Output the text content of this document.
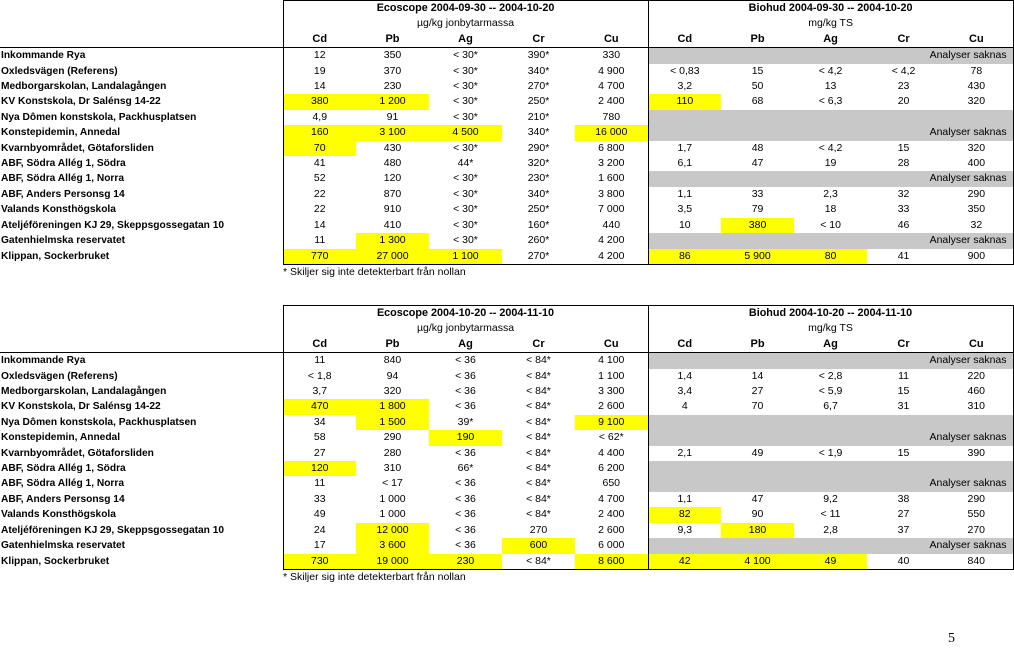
	Ecoscope 2004-09-30 -- 2004-10-20					Biohud 2004-09-30 -- 2004-10-20				
	µg/kg jonbytarmassa					mg/kg TS				
	Cd	Pb	Ag	Cr	Cu	Cd	Pb	Ag	Cr	Cu
Inkommande Rya	12	350	< 30*	390*	330	Analyser saknas				
Oxledsvägen (Referens)	19	370	< 30*	340*	4 900	< 0,83	15	< 4,2	< 4,2	78
Medborgarskolan, Landalagången	14	230	< 30*	270*	4 700	3,2	50	13	23	430
KV Konstskola, Dr Salénsg 14-22	380	1 200	< 30*	250*	2 400	110	68	< 6,3	20	320
Nya Dômen konstskola, Packhusplatsen	4,9	91	< 30*	210*	780					
Konstepidemin, Annedal	160	3 100	4 500	340*	16 000	Analyser saknas				
Kvarnbyområdet, Götaforsliden	70	430	< 30*	290*	6 800	1,7	48	< 4,2	15	320
ABF, Södra Allég 1, Södra	41	480	44*	320*	3 200	6,1	47	19	28	400
ABF, Södra Allég 1, Norra	52	120	< 30*	230*	1 600	Analyser saknas				
ABF, Anders Personsg 14	22	870	< 30*	340*	3 800	1,1	33	2,3	32	290
Valands Konsthögskola	22	910	< 30*	250*	7 000	3,5	79	18	33	350
Ateljéföreningen KJ 29, Skeppsgossegatan 10	14	410	< 30*	160*	440	10	380	< 10	46	32
Gatenhielmska reservatet	11	1 300	< 30*	260*	4 200	Analyser saknas				
Klippan, Sockerbruket	770	27 000	1 100	270*	4 200	86	5 900	80	41	900
	* Skiljer sig inte detekterbart från nollan									
	Ecoscope 2004-10-20 -- 2004-11-10					Biohud 2004-10-20 -- 2004-11-10				
	µg/kg jonbytarmassa					mg/kg TS				
	Cd	Pb	Ag	Cr	Cu	Cd	Pb	Ag	Cr	Cu
Inkommande Rya	11	840	< 36	< 84*	4 100	Analyser saknas				
Oxledsvägen (Referens)	< 1,8	94	< 36	< 84*	1 100	1,4	14	< 2,8	11	220
Medborgarskolan, Landalagången	3,7	320	< 36	< 84*	3 300	3,4	27	< 5,9	15	460
KV Konstskola, Dr Salénsg 14-22	470	1 800	< 36	< 84*	2 600	4	70	6,7	31	310
Nya Dômen konstskola, Packhusplatsen	34	1 500	39*	< 84*	9 100					
Konstepidemin, Annedal	58	290	190	< 84*	< 62*	Analyser saknas				
Kvarnbyområdet, Götaforsliden	27	280	< 36	< 84*	4 400	2,1	49	< 1,9	15	390
ABF, Södra Allég 1, Södra	120	310	66*	< 84*	6 200					
ABF, Södra Allég 1, Norra	11	< 17	< 36	< 84*	650	Analyser saknas				
ABF, Anders Personsg 14	33	1 000	< 36	< 84*	4 700	1,1	47	9,2	38	290
Valands Konsthögskola	49	1 000	< 36	< 84*	2 400	82	90	< 11	27	550
Ateljéföreningen KJ 29, Skeppsgossegatan 10	24	12 000	< 36	270	2 600	9,3	180	2,8	37	270
Gatenhielmska reservatet	17	3 600	< 36	600	6 000	Analyser saknas				
Klippan, Sockerbruket	730	19 000	230	< 84*	8 600	42	4 100	49	40	840
	* Skiljer sig inte detekterbart från nollan									
5
